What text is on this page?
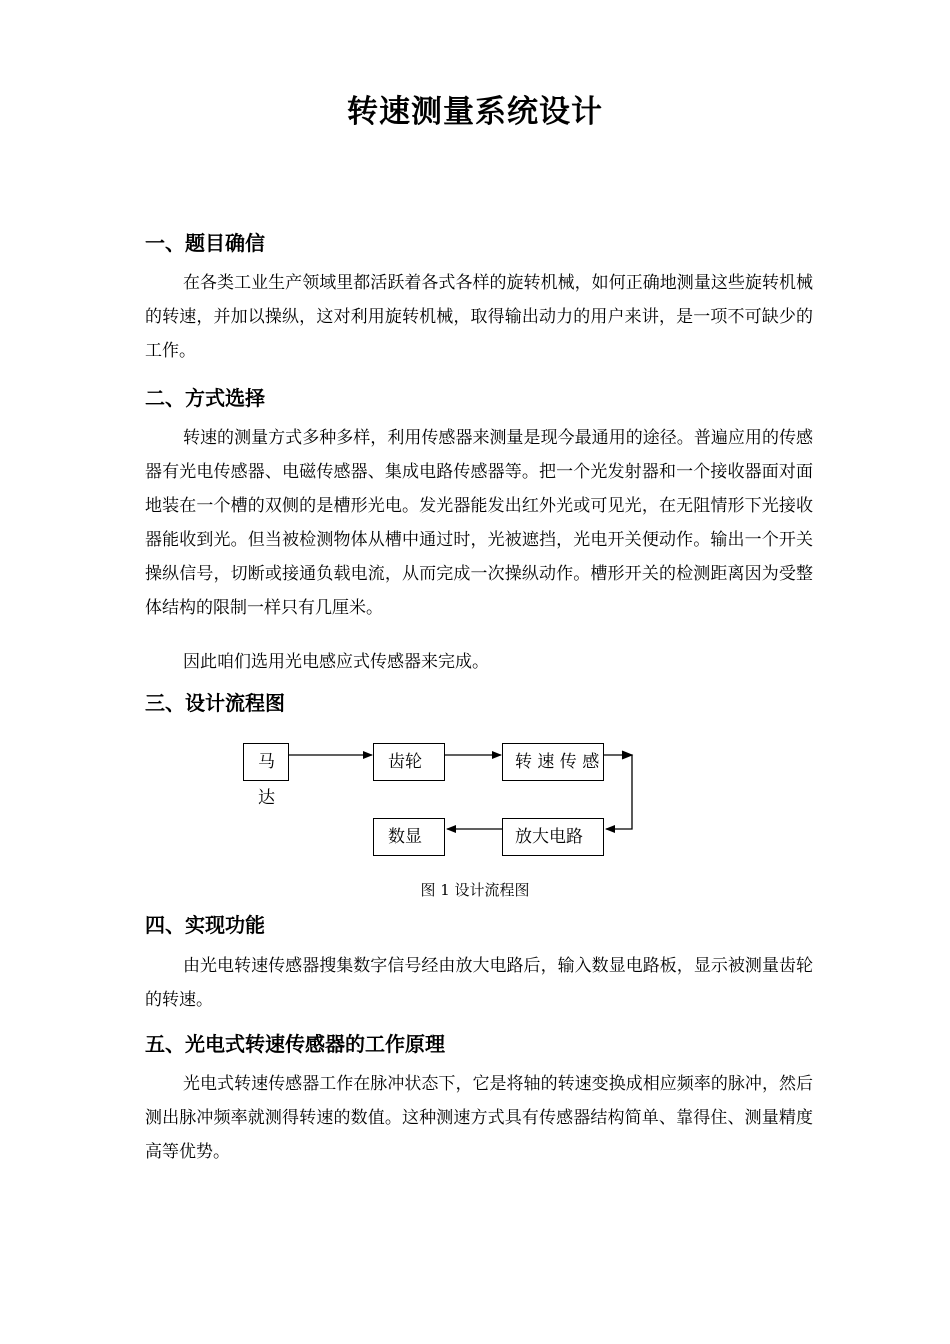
转速测量系统设计
一、题目确信

在各类工业生产领域里都活跃着各式各样的旋转机械，如何正确地测量这些旋转机械的转速，并加以操纵，这对利用旋转机械，取得输出动力的用户来讲，是一项不可缺少的工作。

二、方式选择

转速的测量方式多种多样，利用传感器来测量是现今最通用的途径。普遍应用的传感器有光电传感器、电磁传感器、集成电路传感器等。把一个光发射器和一个接收器面对面地装在一个槽的双侧的是槽形光电。发光器能发出红外光或可见光，在无阻情形下光接收器能收到光。但当被检测物体从槽中通过时，光被遮挡，光电开关便动作。输出一个开关操纵信号，切断或接通负载电流，从而完成一次操纵动作。槽形开关的检测距离因为受整体结构的限制一样只有几厘米。

因此咱们选用光电感应式传感器来完成。

三、设计流程图
马达
齿轮	转 速 传 感
放大电路
数显

图 1 设计流程图

四、实现功能

由光电转速传感器搜集数字信号经由放大电路后，输入数显电路板，显示被测量齿轮的转速。

五、光电式转速传感器的工作原理

光电式转速传感器工作在脉冲状态下，它是将轴的转速变换成相应频率的脉冲，然后测出脉冲频率就测得转速的数值。这种测速方式具有传感器结构简单、靠得住、测量精度高等优势。
